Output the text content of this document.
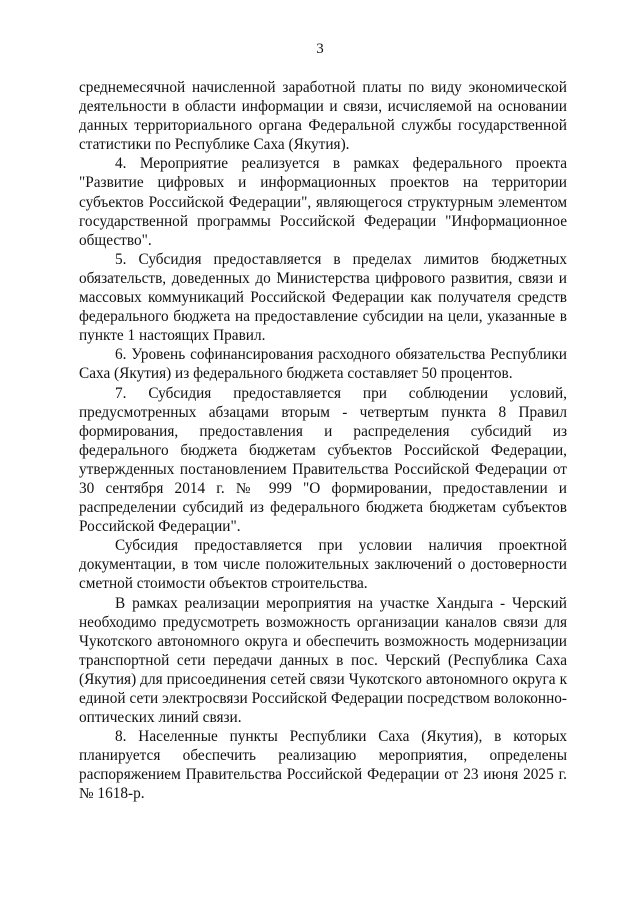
3

среднемесячной начисленной заработной платы по виду экономической деятельности в области информации и связи, исчисляемой на основании данных территориального органа Федеральной службы государственной статистики по Республике Саха (Якутия).

4. Мероприятие реализуется в рамках федерального проекта "Развитие цифровых и информационных проектов на территории субъектов Российской Федерации", являющегося структурным элементом государственной программы Российской Федерации "Информационное общество".

5. Субсидия предоставляется в пределах лимитов бюджетных обязательств, доведенных до Министерства цифрового развития, связи и массовых коммуникаций Российской Федерации как получателя средств федерального бюджета на предоставление субсидии на цели, указанные в пункте 1 настоящих Правил.

6. Уровень софинансирования расходного обязательства Республики Саха (Якутия) из федерального бюджета составляет 50 процентов.

7. Субсидия предоставляется при соблюдении условий, предусмотренных абзацами вторым - четвертым пункта 8 Правил формирования, предоставления и распределения субсидий из федерального бюджета бюджетам субъектов Российской Федерации, утвержденных постановлением Правительства Российской Федерации от 30 сентября 2014 г. № 999 "О формировании, предоставлении и распределении субсидий из федерального бюджета бюджетам субъектов Российской Федерации".

Субсидия предоставляется при условии наличия проектной документации, в том числе положительных заключений о достоверности сметной стоимости объектов строительства.

В рамках реализации мероприятия на участке Хандыга - Черский необходимо предусмотреть возможность организации каналов связи для Чукотского автономного округа и обеспечить возможность модернизации транспортной сети передачи данных в пос. Черский (Республика Саха (Якутия) для присоединения сетей связи Чукотского автономного округа к единой сети электросвязи Российской Федерации посредством волоконно-оптических линий связи.

8. Населенные пункты Республики Саха (Якутия), в которых планируется обеспечить реализацию мероприятия, определены распоряжением Правительства Российской Федерации от 23 июня 2025 г. № 1618-р.
